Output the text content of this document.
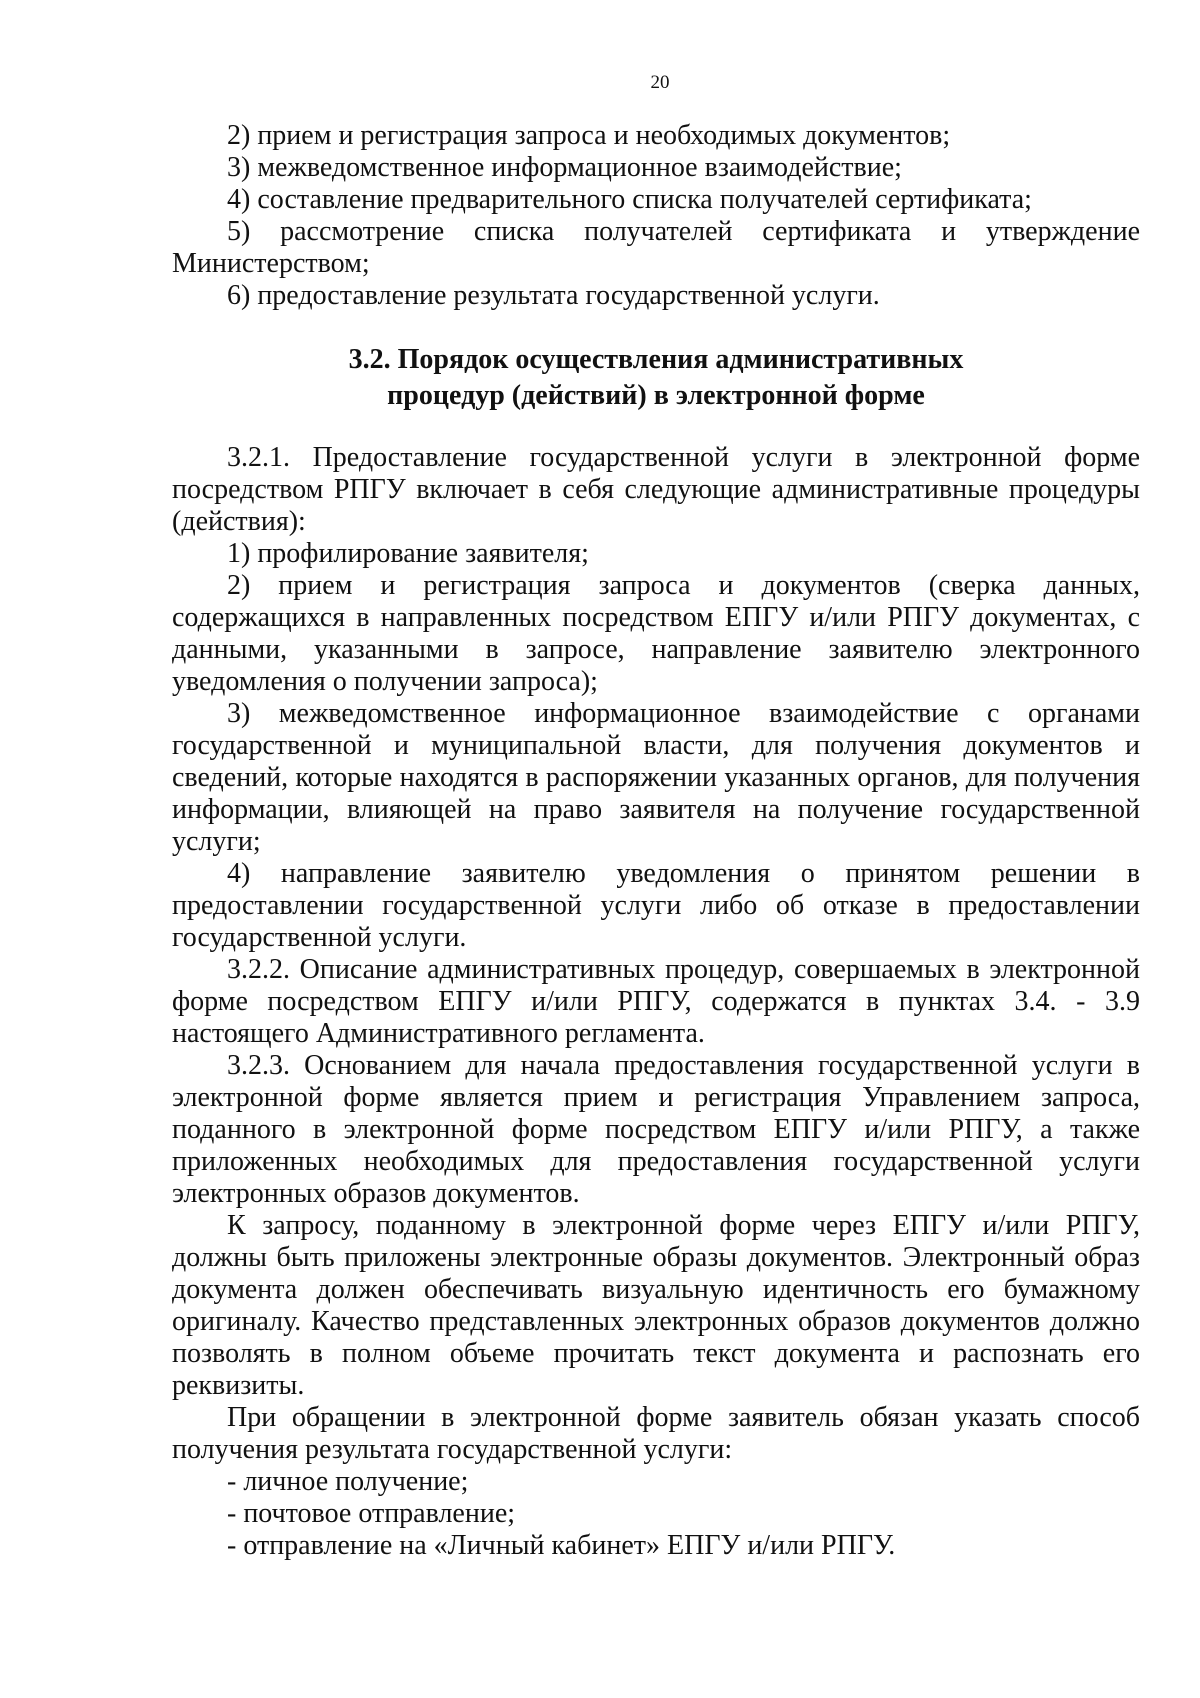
20

2) прием и регистрация запроса и необходимых документов;

3) межведомственное информационное взаимодействие;

4) составление предварительного списка получателей сертификата;

5) рассмотрение списка получателей сертификата и утверждение Министерством;

6) предоставление результата государственной услуги.

3.2. Порядок осуществления административных
процедур (действий) в электронной форме

3.2.1. Предоставление государственной услуги в электронной форме посредством РПГУ включает в себя следующие административные процедуры (действия):

1) профилирование заявителя;

2) прием и регистрация запроса и документов (сверка данных, содержащихся в направленных посредством ЕПГУ и/или РПГУ документах, с данными, указанными в запросе, направление заявителю электронного уведомления о получении запроса);

3) межведомственное информационное взаимодействие с органами государственной и муниципальной власти, для получения документов и сведений, которые находятся в распоряжении указанных органов, для получения информации, влияющей на право заявителя на получение государственной услуги;

4) направление заявителю уведомления о принятом решении в предоставлении государственной услуги либо об отказе в предоставлении государственной услуги.

3.2.2. Описание административных процедур, совершаемых в электронной форме посредством ЕПГУ и/или РПГУ, содержатся в пунктах 3.4. - 3.9 настоящего Административного регламента.

3.2.3. Основанием для начала предоставления государственной услуги в электронной форме является прием и регистрация Управлением запроса, поданного в электронной форме посредством ЕПГУ и/или РПГУ, а также приложенных необходимых для предоставления государственной услуги электронных образов документов.

К запросу, поданному в электронной форме через ЕПГУ и/или РПГУ, должны быть приложены электронные образы документов. Электронный образ документа должен обеспечивать визуальную идентичность его бумажному оригиналу. Качество представленных электронных образов документов должно позволять в полном объеме прочитать текст документа и распознать его реквизиты.

При обращении в электронной форме заявитель обязан указать способ получения результата государственной услуги:

- личное получение;

- почтовое отправление;

- отправление на «Личный кабинет» ЕПГУ и/или РПГУ.
